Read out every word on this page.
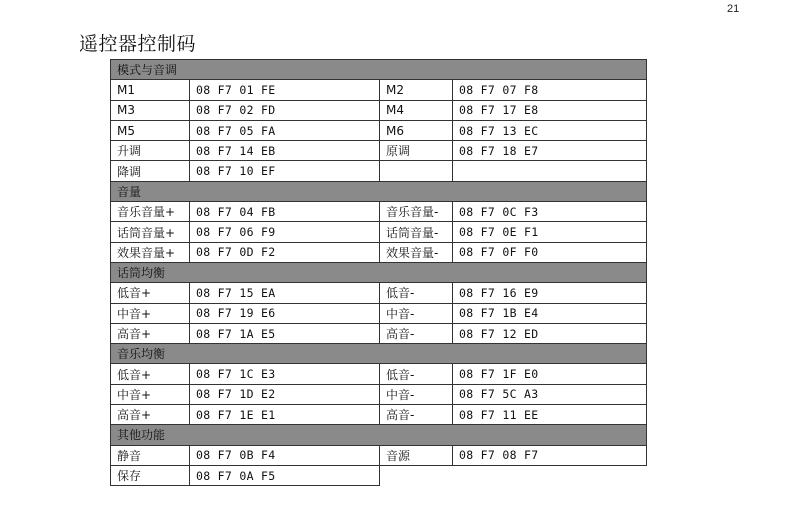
21
遥控器控制码
模式与音调			
M1	08 F7 01 FE	M2	08 F7 07 F8
M3	08 F7 02 FD	M4	08 F7 17 E8
M5	08 F7 05 FA	M6	08 F7 13 EC
升调	08 F7 14 EB	原调	08 F7 18 E7
降调	08 F7 10 EF		
音量			
音乐音量+	08 F7 04 FB	音乐音量-	08 F7 0C F3
话筒音量+	08 F7 06 F9	话筒音量-	08 F7 0E F1
效果音量+	08 F7 0D F2	效果音量-	08 F7 0F F0
话筒均衡			
低音+	08 F7 15 EA	低音-	08 F7 16 E9
中音+	08 F7 19 E6	中音-	08 F7 1B E4
高音+	08 F7 1A E5	高音-	08 F7 12 ED
音乐均衡			
低音+	08 F7 1C E3	低音-	08 F7 1F E0
中音+	08 F7 1D E2	中音-	08 F7 5C A3
高音+	08 F7 1E E1	高音-	08 F7 11 EE
其他功能			
静音	08 F7 0B F4	音源	08 F7 08 F7
保存	08 F7 0A F5		
